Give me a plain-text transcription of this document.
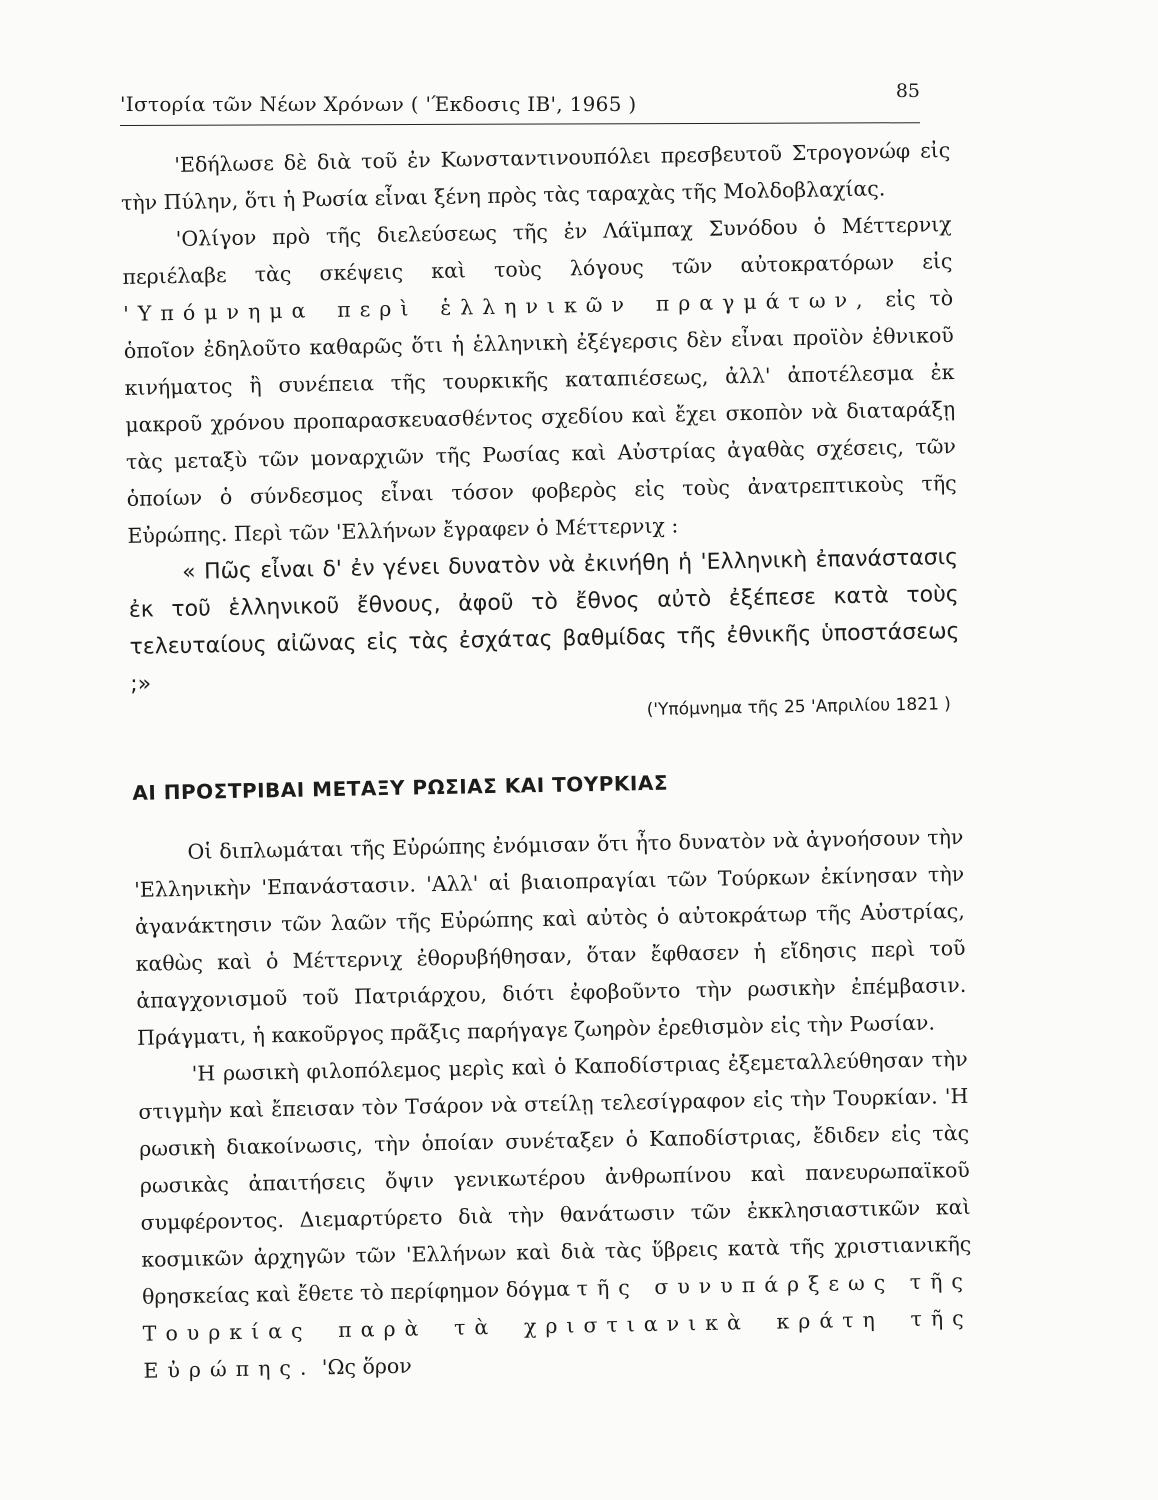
'Ιστορία τῶν Νέων Χρόνων ( 'Έκδοσις ΙΒ', 1965 )
85

'Εδήλωσε δὲ διὰ τοῦ ἐν Κωνσταντινουπόλει πρεσβευτοῦ Στρογονώφ εἰς τὴν Πύλην, ὅτι ἡ Ρωσία εἶναι ξένη πρὸς τὰς ταραχὰς τῆς Μολδοβλαχίας.

'Ολίγον πρὸ τῆς διελεύσεως τῆς ἐν Λάϊμπαχ Συνόδου ὁ Μέττερνιχ περιέλαβε τὰς σκέψεις καὶ τοὺς λόγους τῶν αὐτοκρατόρων εἰς 'Υπόμνημα περὶ ἑλληνικῶν πραγμάτων, εἰς τὸ ὁποῖον ἐδηλοῦτο καθαρῶς ὅτι ἡ ἑλληνικὴ ἐξέγερσις δὲν εἶναι προϊὸν ἐθνικοῦ κινήματος ἢ συνέπεια τῆς τουρκικῆς καταπιέσεως, ἀλλ' ἀποτέλεσμα ἐκ μακροῦ χρόνου προπαρασκευασθέντος σχεδίου καὶ ἔχει σκοπὸν νὰ διαταράξῃ τὰς μεταξὺ τῶν μοναρχιῶν τῆς Ρωσίας καὶ Αὐστρίας ἀγαθὰς σχέσεις, τῶν ὁποίων ὁ σύνδεσμος εἶναι τόσον φοβερὸς εἰς τοὺς ἀνατρεπτικοὺς τῆς Εὐρώπης. Περὶ τῶν 'Ελλήνων ἔγραφεν ὁ Μέττερνιχ :

« Πῶς εἶναι δ' ἐν γένει δυνατὸν νὰ ἐκινήθη ἡ 'Ελληνικὴ ἐπανάστασις ἐκ τοῦ ἑλληνικοῦ ἔθνους, ἀφοῦ τὸ ἔθνος αὐτὸ ἐξέπεσε κατὰ τοὺς τελευταίους αἰῶνας εἰς τὰς ἐσχάτας βαθμίδας τῆς ἐθνικῆς ὑποστάσεως ;»

('Υπόμνημα τῆς 25 'Απριλίου 1821 )

ΑΙ ΠΡΟΣΤΡΙΒΑΙ ΜΕΤΑΞΥ ΡΩΣΙΑΣ ΚΑΙ ΤΟΥΡΚΙΑΣ

Οἱ διπλωμάται τῆς Εὐρώπης ἐνόμισαν ὅτι ἦτο δυνατὸν νὰ ἀγνοήσουν τὴν 'Ελληνικὴν 'Επανάστασιν. 'Αλλ' αἱ βιαιοπραγίαι τῶν Τούρκων ἐκίνησαν τὴν ἀγανάκτησιν τῶν λαῶν τῆς Εὐρώπης καὶ αὐτὸς ὁ αὐτοκράτωρ τῆς Αὐστρίας, καθὼς καὶ ὁ Μέττερνιχ ἐθορυβήθησαν, ὅταν ἔφθασεν ἡ εἴδησις περὶ τοῦ ἀπαγχονισμοῦ τοῦ Πατριάρχου, διότι ἐφοβοῦντο τὴν ρωσικὴν ἐπέμβασιν. Πράγματι, ἡ κακοῦργος πρᾶξις παρήγαγε ζωηρὸν ἐρεθισμὸν εἰς τὴν Ρωσίαν.

'Η ρωσικὴ φιλοπόλεμος μερὶς καὶ ὁ Καποδίστριας ἐξεμεταλλεύθησαν τὴν στιγμὴν καὶ ἔπεισαν τὸν Τσάρον νὰ στείλῃ τελεσίγραφον εἰς τὴν Τουρκίαν. 'Η ρωσικὴ διακοίνωσις, τὴν ὁποίαν συνέταξεν ὁ Καποδίστριας, ἔδιδεν εἰς τὰς ρωσικὰς ἀπαιτήσεις ὄψιν γενικωτέρου ἀνθρωπίνου καὶ πανευρωπαϊκοῦ συμφέροντος. Διεμαρτύρετο διὰ τὴν θανάτωσιν τῶν ἐκκλησιαστικῶν καὶ κοσμικῶν ἀρχηγῶν τῶν 'Ελλήνων καὶ διὰ τὰς ὕβρεις κατὰ τῆς χριστιανικῆς θρησκείας καὶ ἔθετε τὸ περίφημον δόγμα τῆς συνυπάρξεως τῆς Τουρκίας παρὰ τὰ χριστιανικὰ κράτη τῆς Εὐρώπης. 'Ως ὅρον
